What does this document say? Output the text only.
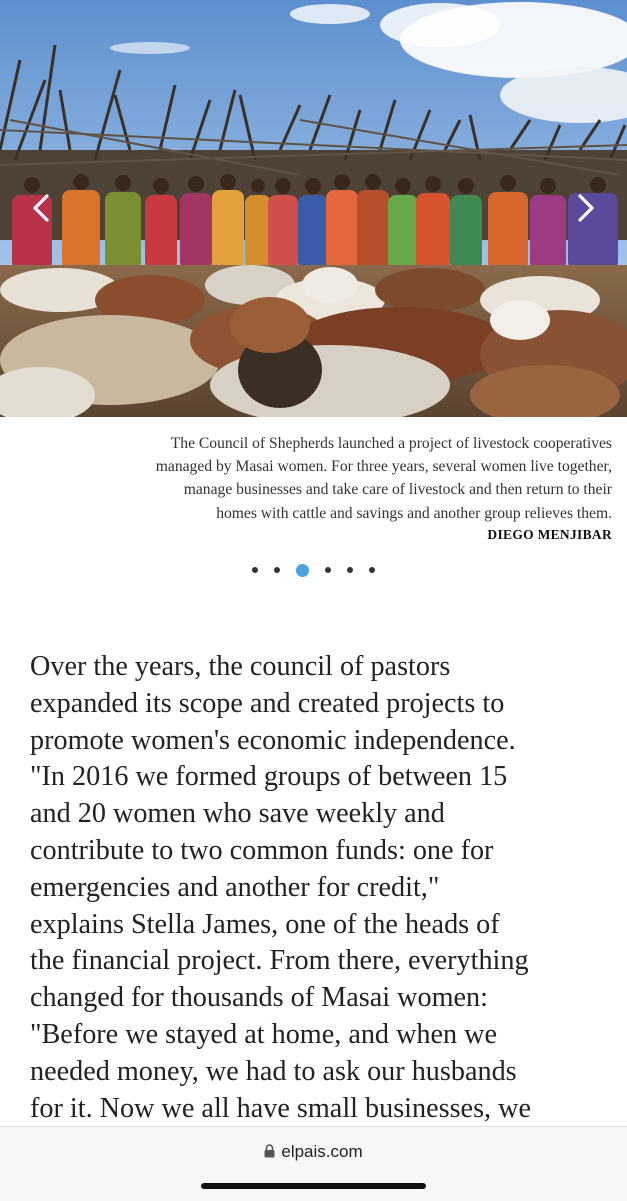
The Council of Shepherds launched a project of livestock cooperatives
managed by Masai women. For three years, several women live together,
manage businesses and take care of livestock and then return to their
homes with cattle and savings and another group relieves them.
DIEGO MENJIBAR
Over the years, the council of pastors
expanded its scope and created projects to
promote women's economic independence.
"In 2016 we formed groups of between 15
and 20 women who save weekly and
contribute to two common funds: one for
emergencies and another for credit,"
explains Stella James, one of the heads of
the financial project. From there, everything
changed for thousands of Masai women:
"Before we stayed at home, and when we
needed money, we had to ask our husbands
for it. Now we all have small businesses, we
elpais.com
